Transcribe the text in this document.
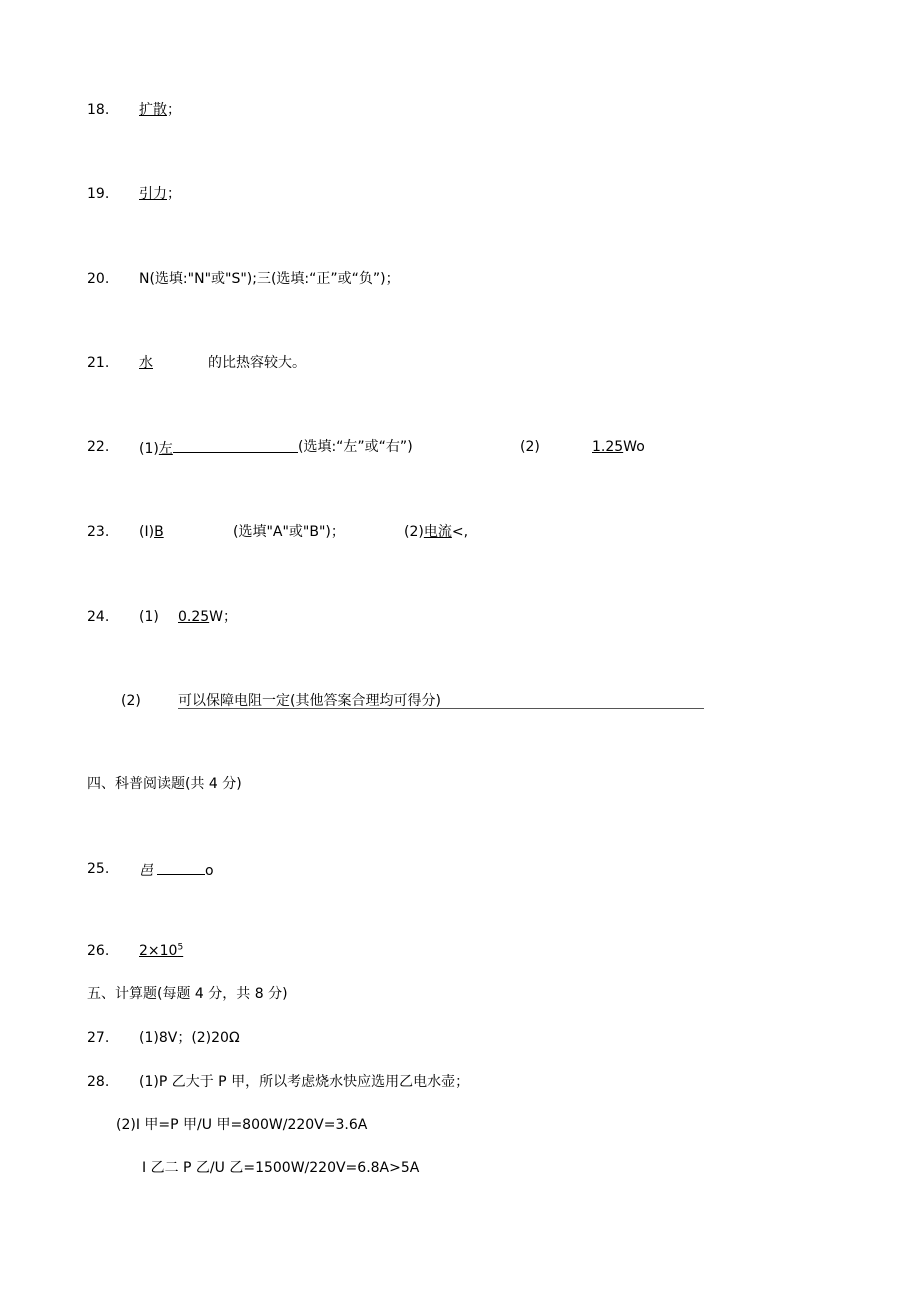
18.	扩散；
19.	引力；
20.	N(选填:"N"或"S");三(选填:“正”或“负”)；
21.	水	的比热容较大。
22.	(1)左	(选填:“左”或“右”)	(2)	1.25Wo
23.	(I)B	(选填"A"或"B")；	(2)电流<,
24.	(1) 0.25W；
(2)	可以保障电阻一定(其他答案合理均可得分)
四、科普阅读题(共 4 分)
25.	邑	o
26.	$2\times 10^5$
五、计算题(每题 4 分，共 8 分)
27.	(1)8V；(2)20Ω
28.	(1)P 乙大于 P 甲，所以考虑烧水快应选用乙电水壶；
(2)I 甲=P 甲/U 甲=800W∕220V=3.6A
I 乙二 P 乙/U 乙=1500W∕220V=6.8A>5A
